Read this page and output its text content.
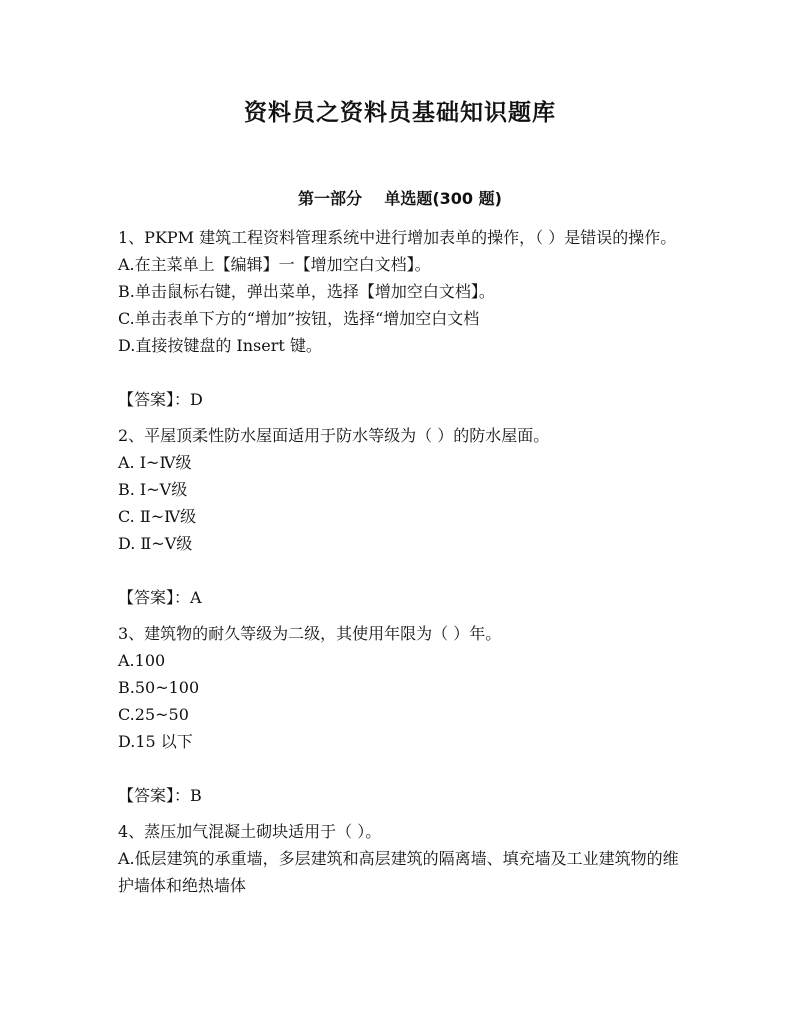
资料员之资料员基础知识题库
第一部分    单选题(300 题)

1、PKPM 建筑工程资料管理系统中进行增加表单的操作，（ ）是错误的操作。

A.在主菜单上【编辑】一【增加空白文档】。
B.单击鼠标右键，弹出菜单，选择【增加空白文档】。
C.单击表单下方的“增加”按钮，选择“增加空白文档
D.直接按键盘的 Insert 键。

【答案】： D

2、平屋顶柔性防水屋面适用于防水等级为（ ）的防水屋面。

A. Ⅰ~Ⅳ级
B. Ⅰ~Ⅴ级
C. Ⅱ~Ⅳ级
D. Ⅱ~Ⅴ级

【答案】： A

3、建筑物的耐久等级为二级，其使用年限为（ ）年。

A.100
B.50~100
C.25~50
D.15 以下

【答案】： B

4、蒸压加气混凝土砌块适用于（ ）。

A.低层建筑的承重墙，多层建筑和高层建筑的隔离墙、填充墙及工业建筑物的维护墙体和绝热墙体
